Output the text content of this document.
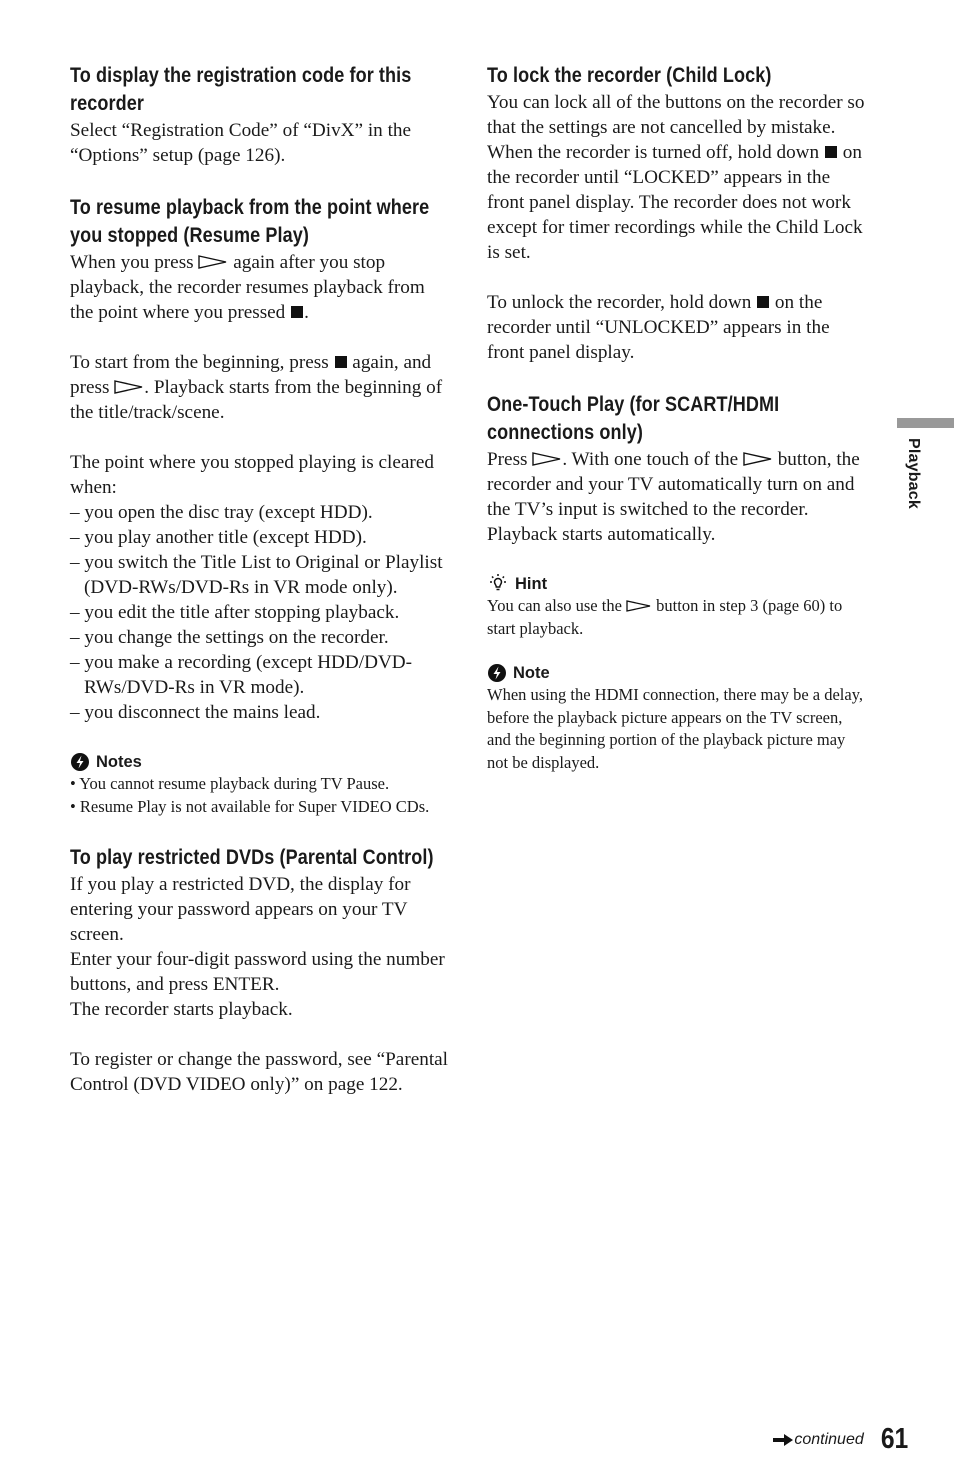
To display the registration code for this recorder

Select “Registration Code” of “DivX” in the “Options” setup (page 126).

To resume playback from the point where you stopped (Resume Play)

When you press again after you stop playback, the recorder resumes playback from the point where you pressed .

To start from the beginning, press again, and press . Playback starts from the beginning of the title/track/scene.

The point where you stopped playing is cleared when:

– you open the disc tray (except HDD).
– you play another title (except HDD).
– you switch the Title List to Original or Playlist (DVD-RWs/DVD-Rs in VR mode only).
– you edit the title after stopping playback.
– you change the settings on the recorder.
– you make a recording (except HDD/DVD-RWs/DVD-Rs in VR mode).
– you disconnect the mains lead.
Notes
• You cannot resume playback during TV Pause.
• Resume Play is not available for Super VIDEO CDs.
To play restricted DVDs (Parental Control)

If you play a restricted DVD, the display for entering your password appears on your TV screen.

Enter your four-digit password using the number buttons, and press ENTER.

The recorder starts playback.

To register or change the password, see “Parental Control (DVD VIDEO only)” on page 122.

To lock the recorder (Child Lock)

You can lock all of the buttons on the recorder so that the settings are not cancelled by mistake.

When the recorder is turned off, hold down on the recorder until “LOCKED” appears in the front panel display. The recorder does not work except for timer recordings while the Child Lock is set.

To unlock the recorder, hold down on the recorder until “UNLOCKED” appears in the front panel display.

One-Touch Play (for SCART/HDMI connections only)

Press . With one touch of the button, the recorder and your TV automatically turn on and the TV’s input is switched to the recorder. Playback starts automatically.

Hint

You can also use the button in step 3 (page 60) to start playback.

Note

When using the HDMI connection, there may be a delay, before the playback picture appears on the TV screen, and the beginning portion of the playback picture may not be displayed.

Playback
continued 61
